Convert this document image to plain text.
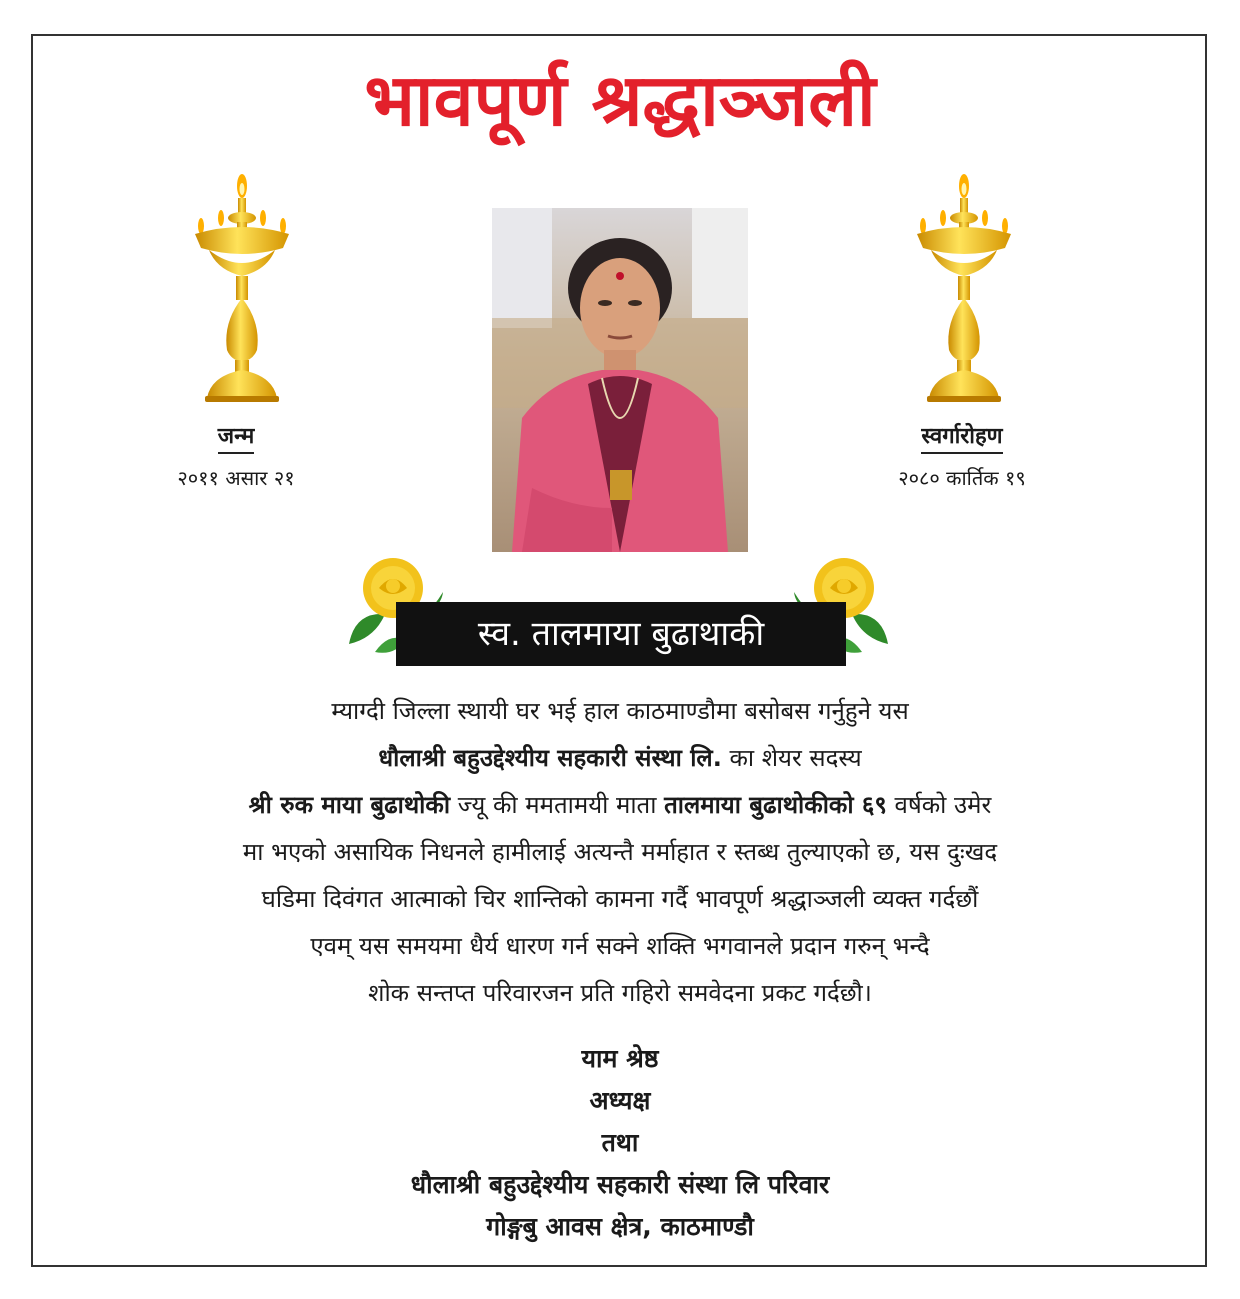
भावपूर्ण श्रद्धाञ्जली
जन्म
२०११ असार २१
स्वर्गारोहण
२०८० कार्तिक १९
स्व. तालमाया बुढाथाकी
म्याग्दी जिल्ला स्थायी घर भई हाल काठमाण्डौमा बसोबस गर्नुहुने यस
धौलाश्री बहुउद्देश्यीय सहकारी संस्था लि. का शेयर सदस्य
श्री रुक माया बुढाथोकी ज्यू की ममतामयी माता तालमाया बुढाथोकीको ६९ वर्षको उमेर
मा भएको असायिक निधनले हामीलाई अत्यन्तै मर्माहात र स्तब्ध तुल्याएको छ, यस दुःखद
घडिमा दिवंगत आत्माको चिर शान्तिको कामना गर्दै भावपूर्ण श्रद्धाञ्जली व्यक्त गर्दछौं
एवम् यस समयमा धैर्य धारण गर्न सक्ने शक्ति भगवानले प्रदान गरुन् भन्दै
शोक सन्तप्त परिवारजन प्रति गहिरो समवेदना प्रकट गर्दछौ।
याम श्रेष्ठ
अध्यक्ष
तथा
धौलाश्री बहुउद्देश्यीय सहकारी संस्था लि परिवार
गोङ्गबु आवस क्षेत्र, काठमाण्डौ
